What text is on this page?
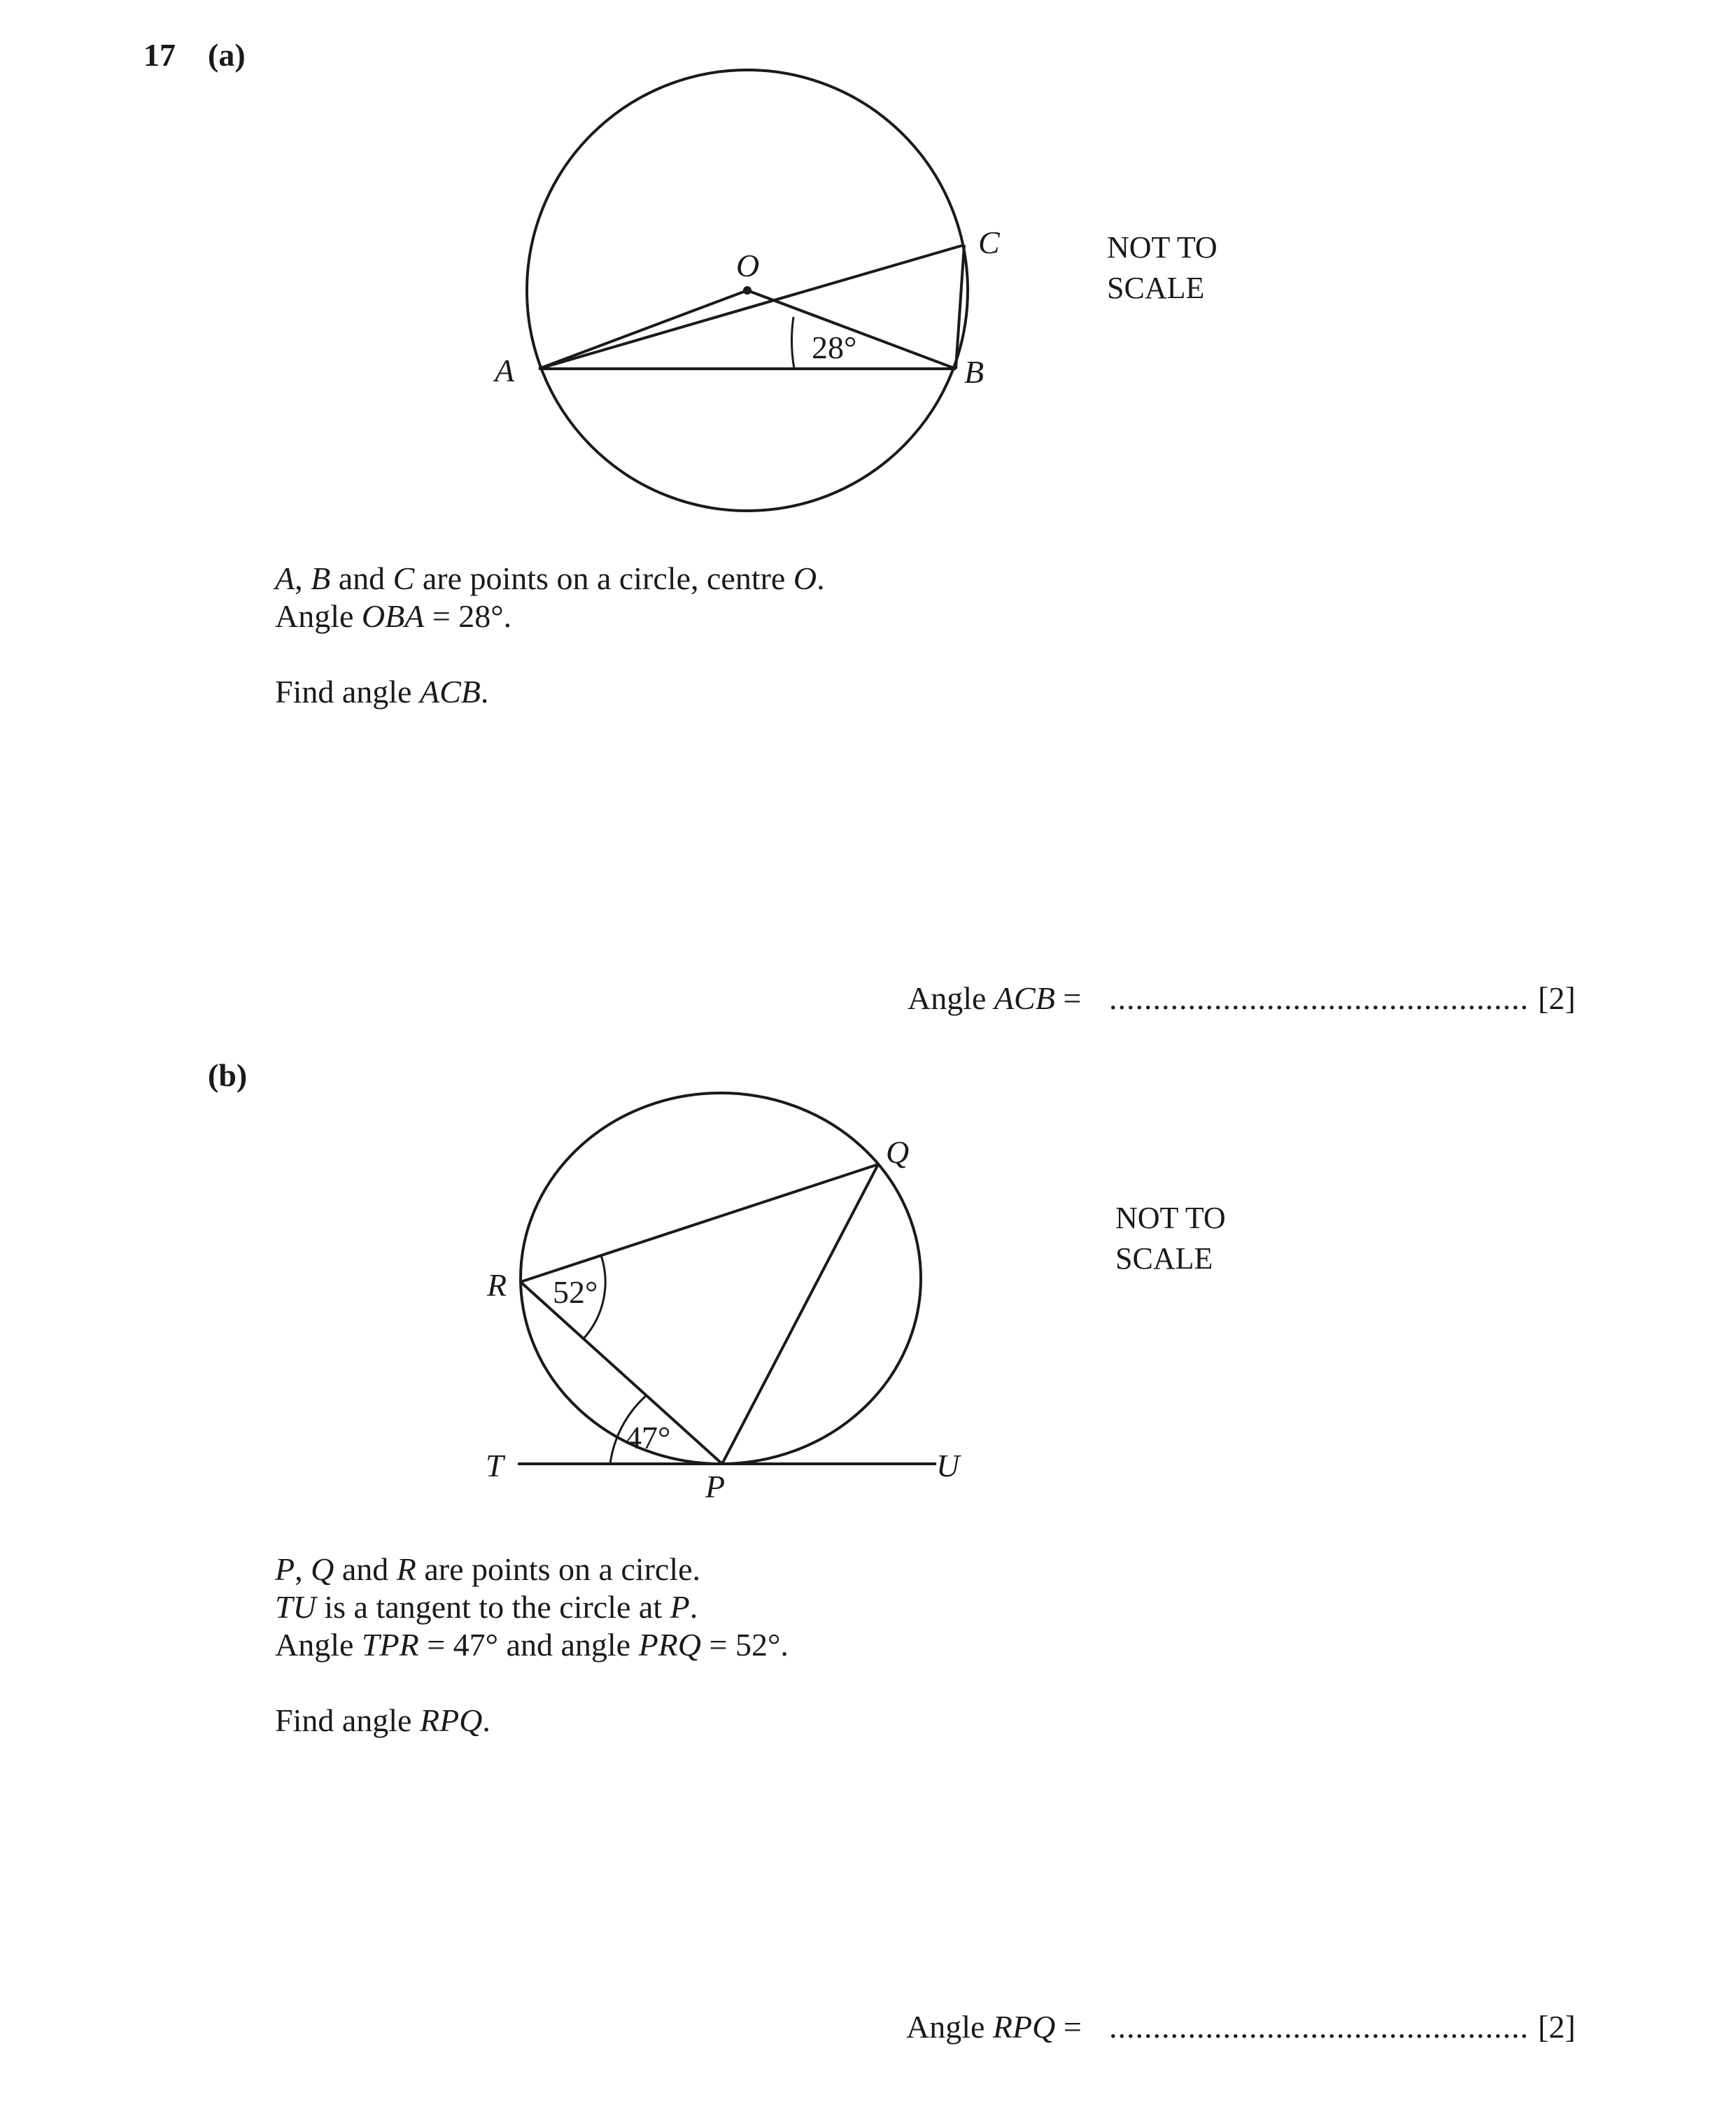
17 (a)
O
A	B
C
28°
NOT TO
SCALE
A, B and C are points on a circle, centre O.
Angle OBA = 28°.
Find angle ACB.
Angle ACB = ................................................ [2]
(b)
Q
R
T
P
U
52°
47°
NOT TO
SCALE
P, Q and R are points on a circle.
TU is a tangent to the circle at P.
Angle TPR = 47° and angle PRQ = 52°.
Find angle RPQ.
Angle RPQ = ................................................ [2]
